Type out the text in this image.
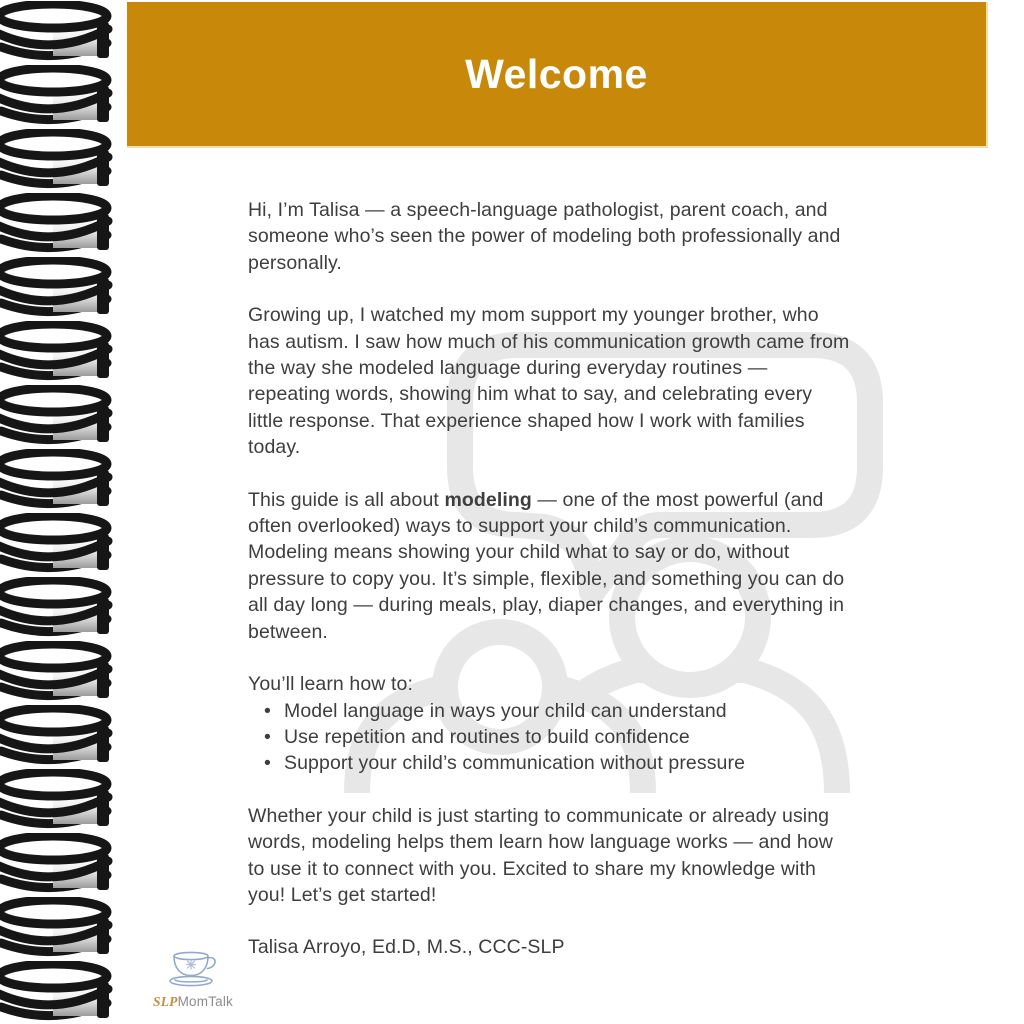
Welcome
Hi, I’m Talisa — a speech-language pathologist, parent coach, and
someone who’s seen the power of modeling both professionally and
personally.
Growing up, I watched my mom support my younger brother, who
has autism. I saw how much of his communication growth came from
the way she modeled language during everyday routines —
repeating words, showing him what to say, and celebrating every
little response. That experience shaped how I work with families
today.
This guide is all about modeling — one of the most powerful (and
often overlooked) ways to support your child’s communication.
Modeling means showing your child what to say or do, without
pressure to copy you. It’s simple, flexible, and something you can do
all day long — during meals, play, diaper changes, and everything in
between.
You’ll learn how to:
• Model language in ways your child can understand
• Use repetition and routines to build confidence
• Support your child’s communication without pressure
Whether your child is just starting to communicate or already using
words, modeling helps them learn how language works — and how
to use it to connect with you. Excited to share my knowledge with
you! Let’s get started!
Talisa Arroyo, Ed.D, M.S., CCC-SLP
SLPMomTalk
